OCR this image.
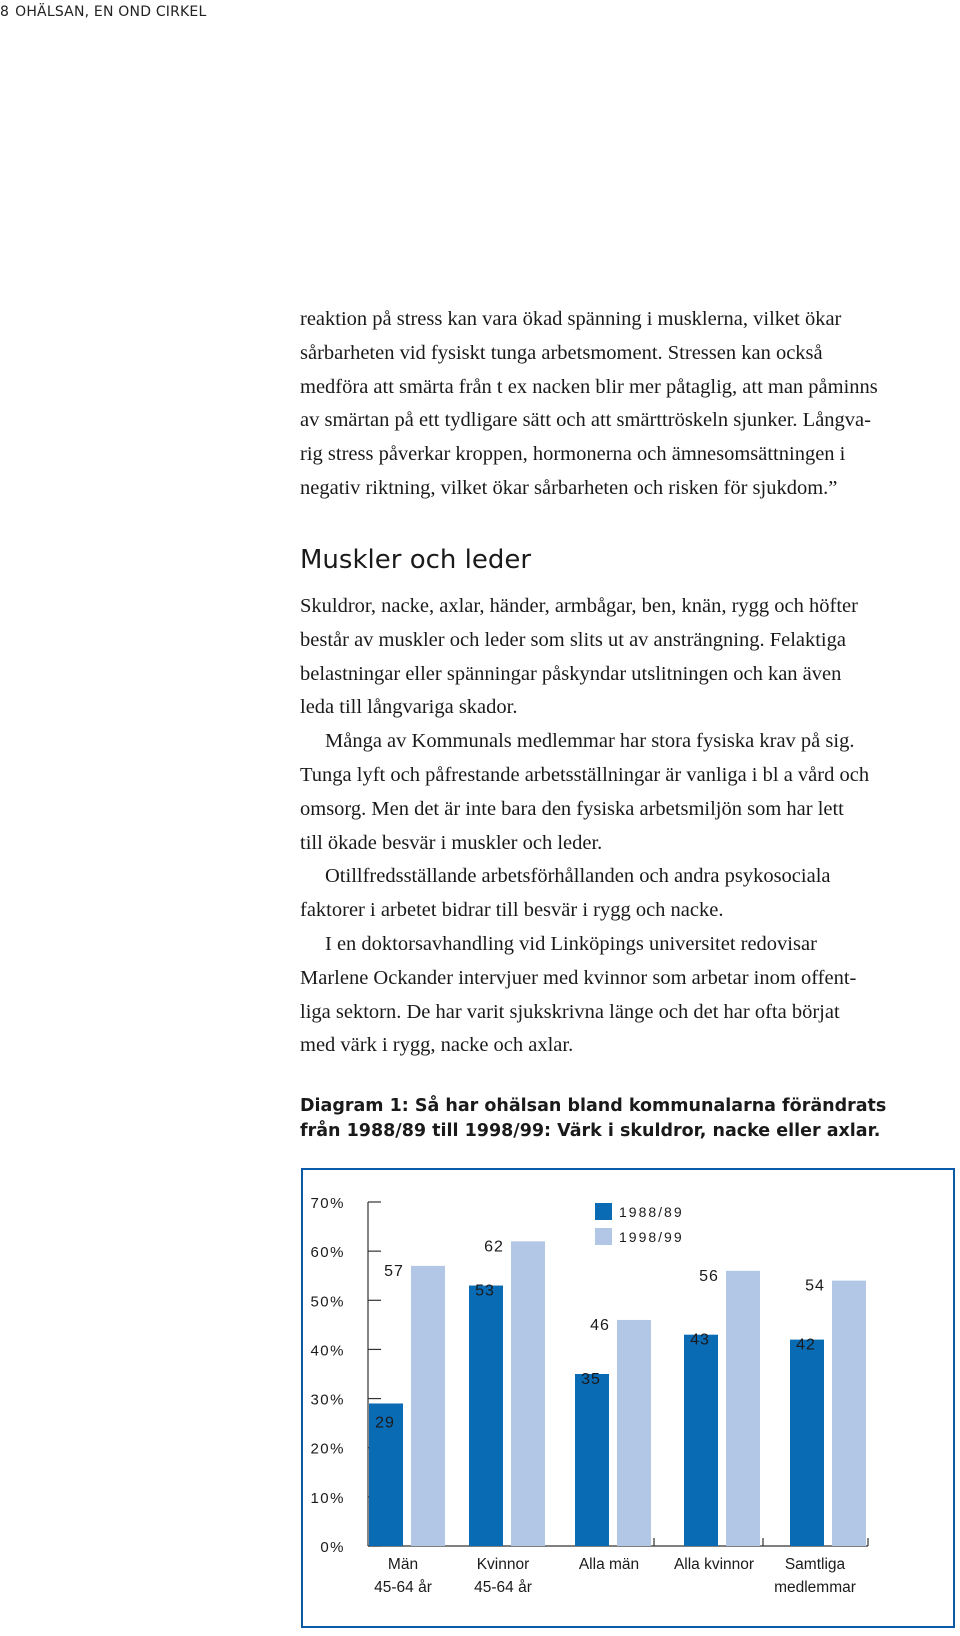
8 OHÄLSAN, EN OND CIRKEL

reaktion på stress kan vara ökad spänning i musklerna, vilket ökar
sårbarheten vid fysiskt tunga arbetsmoment. Stressen kan också
medföra att smärta från t ex nacken blir mer påtaglig, att man påminns
av smärtan på ett tydligare sätt och att smärttröskeln sjunker. Långva-
rig stress påverkar kroppen, hormonerna och ämnesomsättningen i
negativ riktning, vilket ökar sårbarheten och risken för sjukdom.”

Muskler och leder

Skuldror, nacke, axlar, händer, armbågar, ben, knän, rygg och höfter
består av muskler och leder som slits ut av ansträngning. Felaktiga
belastningar eller spänningar påskyndar utslitningen och kan även
leda till långvariga skador.

Många av Kommunals medlemmar har stora fysiska krav på sig.
Tunga lyft och påfrestande arbetsställningar är vanliga i bl a vård och
omsorg. Men det är inte bara den fysiska arbetsmiljön som har lett
till ökade besvär i muskler och leder.

Otillfredsställande arbetsförhållanden och andra psykosociala
faktorer i arbetet bidrar till besvär i rygg och nacke.

I en doktorsavhandling vid Linköpings universitet redovisar
Marlene Ockander intervjuer med kvinnor som arbetar inom offent-
liga sektorn. De har varit sjukskrivna länge och det har ofta börjat
med värk i rygg, nacke och axlar.

Diagram 1: Så har ohälsan bland kommunalarna förändrats
från 1988/89 till 1998/99: Värk i skuldror, nacke eller axlar.
0%
10%
20%
30%
40%
50%
60%
70%
29
53
35
43	42
57
62
46
56
54
Män
45-64 år
Kvinnor
45-64 år
Alla män Alla kvinnor Samtliga
medlemmar
1988/89
1998/99
